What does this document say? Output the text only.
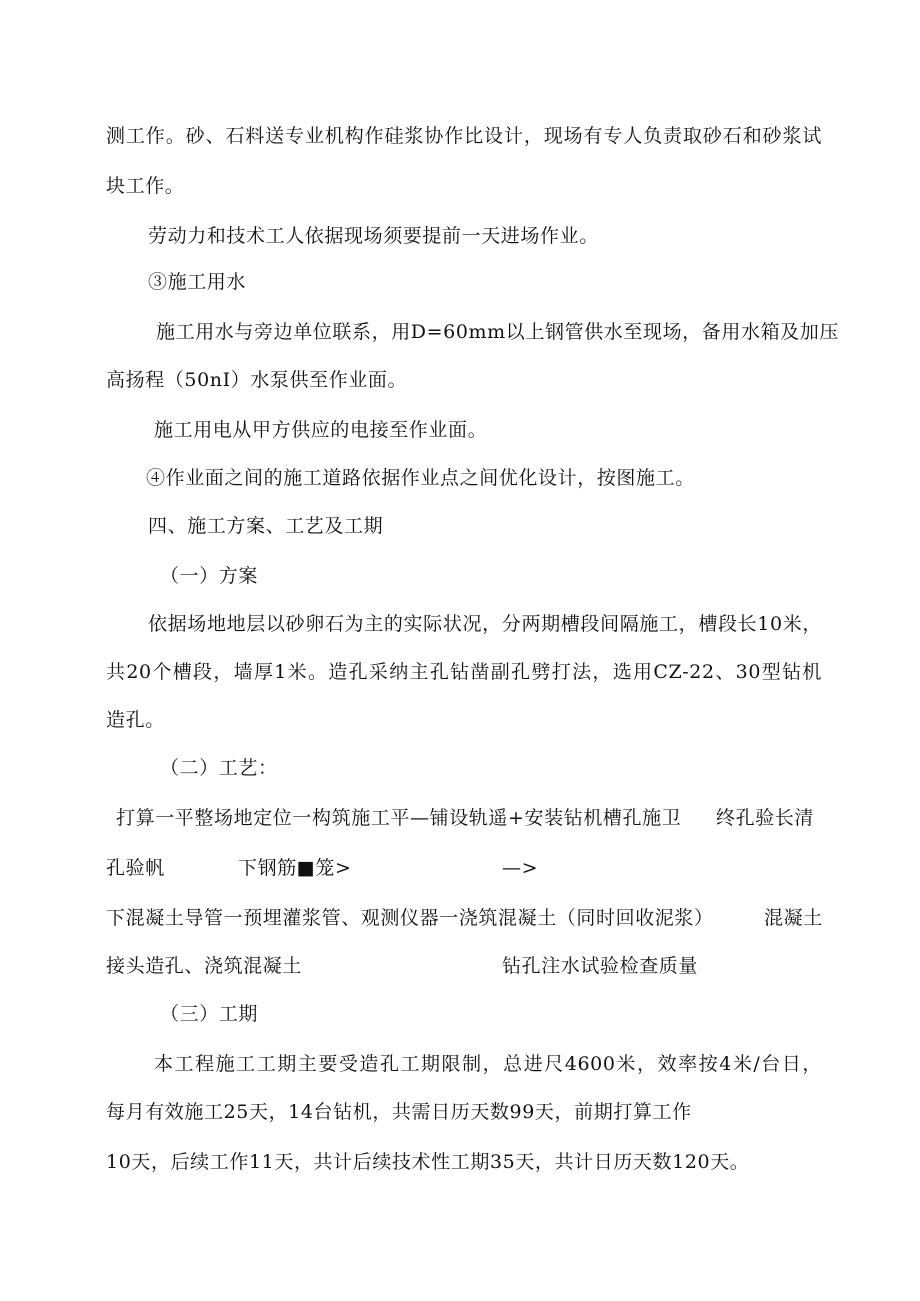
测工作。砂、石料送专业机构作硅浆协作比设计，现场有专人负责取砂石和砂浆试
块工作。
劳动力和技术工人依据现场须要提前一天进场作业。
③施工用水
施工用水与旁边单位联系，用D=60mm以上钢管供水至现场，备用水箱及加压
高扬程（50nI）水泵供至作业面。
施工用电从甲方供应的电接至作业面。
④作业面之间的施工道路依据作业点之间优化设计，按图施工。
四、施工方案、工艺及工期
（一）方案
依据场地地层以砂卵石为主的实际状况，分两期槽段间隔施工，槽段长10米，
共20个槽段，墙厚1米。造孔采纳主孔钻凿副孔劈打法，选用CZ-22、30型钻机
造孔。
（二）工艺：
打算一平整场地定位一构筑施工平—铺设轨遥+安装钻机槽孔施卫 终孔验长清
孔验帆	下钢筋■笼>	—>
下混凝土导管一预埋灌浆管、观测仪器一浇筑混凝土（同时回收泥浆）	混凝土
接头造孔、浇筑混凝土	钻孔注水试验检查质量
（三）工期
本工程施工工期主要受造孔工期限制，总进尺4600米，效率按4米/台日，
每月有效施工25天，14台钻机，共需日历天数99天，前期打算工作
10天，后续工作11天，共计后续技术性工期35天，共计日历天数120天。
